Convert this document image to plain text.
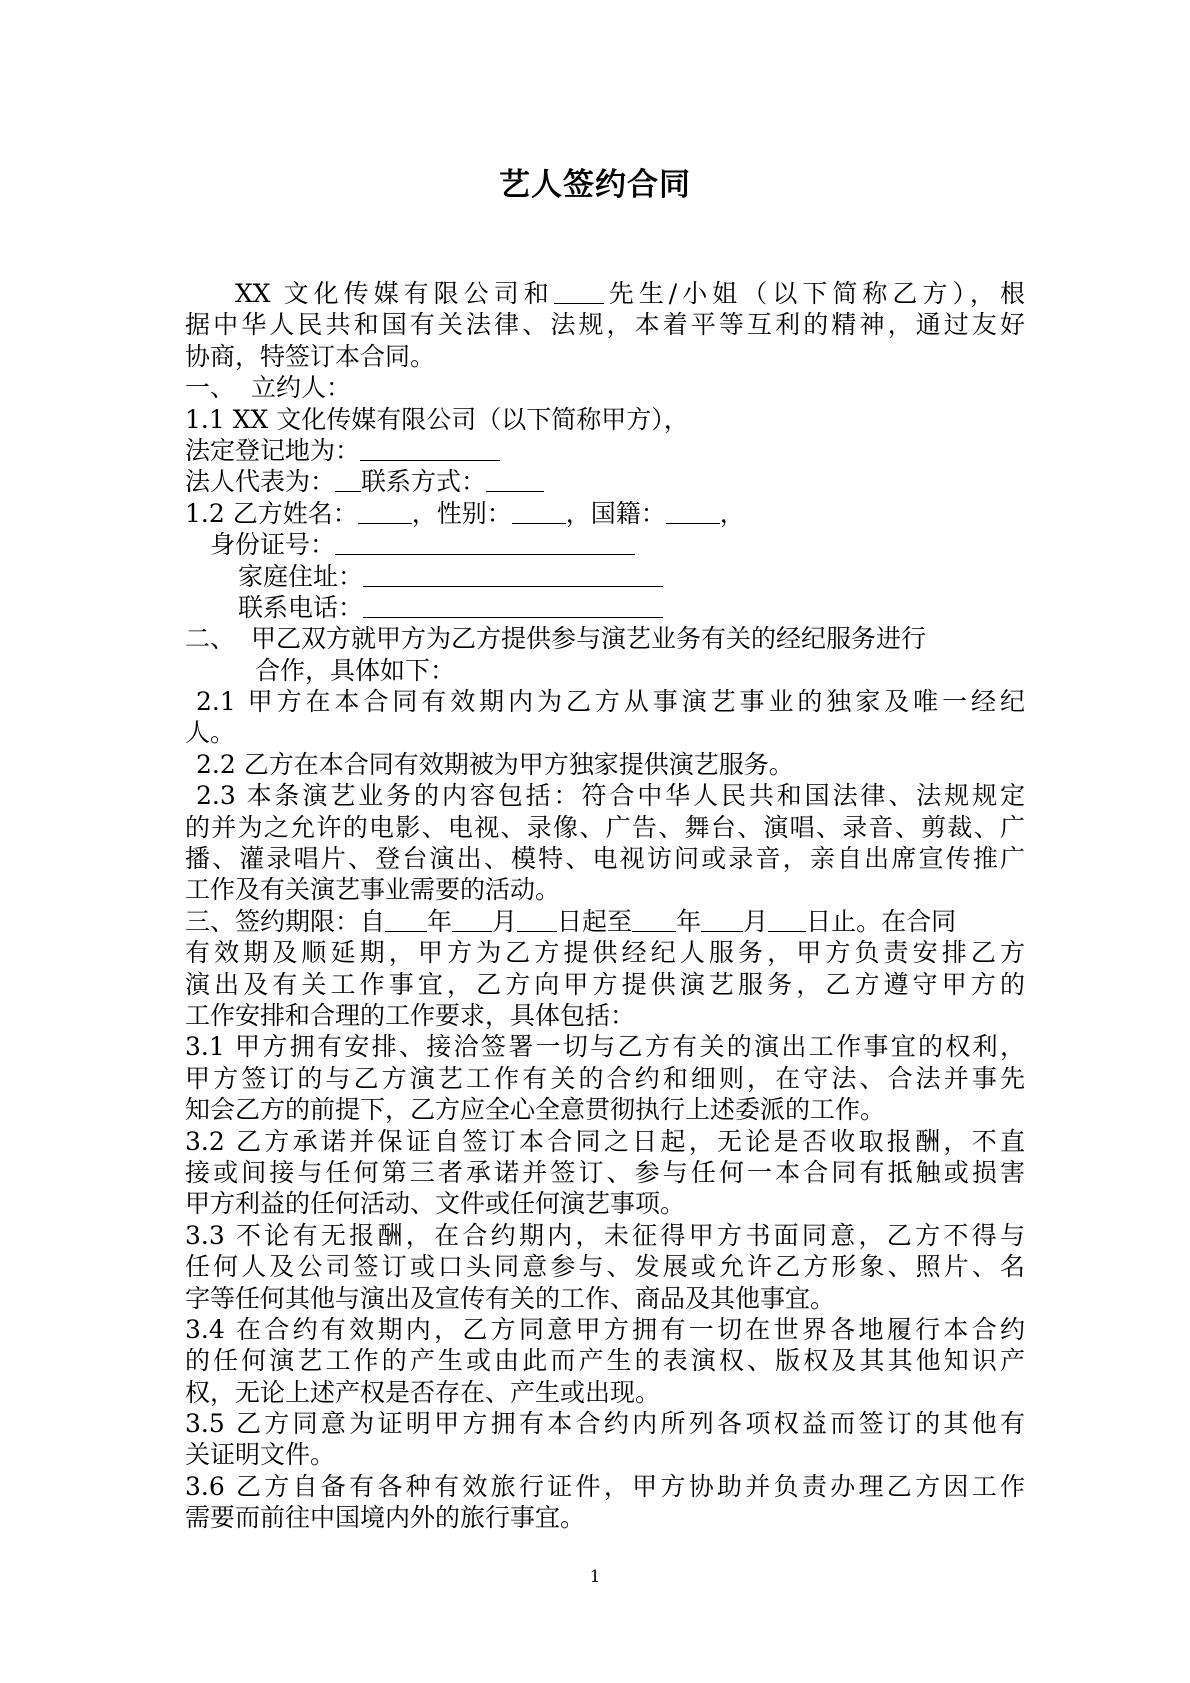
艺人签约合同
XX 文化传媒有限公司和 先生/小姐（以下简称乙方），根
据中华人民共和国有关法律、法规，本着平等互利的精神，通过友好
协商，特签订本合同。
一、 立约人：
1.1 XX 文化传媒有限公司（以下简称甲方），
法定登记地为：
法人代表为： 联系方式：
1.2 乙方姓名： ，性别： ，国籍： ，
身份证号：
家庭住址：
联系电话：
二、 甲乙双方就甲方为乙方提供参与演艺业务有关的经纪服务进行
合作，具体如下：
2.1 甲方在本合同有效期内为乙方从事演艺事业的独家及唯一经纪
人。
2.2 乙方在本合同有效期被为甲方独家提供演艺服务。
2.3 本条演艺业务的内容包括：符合中华人民共和国法律、法规规定
的并为之允许的电影、电视、录像、广告、舞台、演唱、录音、剪裁、广
播、灌录唱片、登台演出、模特、电视访问或录音，亲自出席宣传推广
工作及有关演艺事业需要的活动。
三、签约期限：自 年 月 日起至 年 月 日止。在合同
有效期及顺延期，甲方为乙方提供经纪人服务，甲方负责安排乙方
演出及有关工作事宜，乙方向甲方提供演艺服务，乙方遵守甲方的
工作安排和合理的工作要求，具体包括：
3.1 甲方拥有安排、接洽签署一切与乙方有关的演出工作事宜的权利，
甲方签订的与乙方演艺工作有关的合约和细则，在守法、合法并事先
知会乙方的前提下，乙方应全心全意贯彻执行上述委派的工作。
3.2 乙方承诺并保证自签订本合同之日起，无论是否收取报酬，不直
接或间接与任何第三者承诺并签订、参与任何一本合同有抵触或损害
甲方利益的任何活动、文件或任何演艺事项。
3.3 不论有无报酬，在合约期内，未征得甲方书面同意，乙方不得与
任何人及公司签订或口头同意参与、发展或允许乙方形象、照片、名
字等任何其他与演出及宣传有关的工作、商品及其他事宜。
3.4 在合约有效期内，乙方同意甲方拥有一切在世界各地履行本合约
的任何演艺工作的产生或由此而产生的表演权、版权及其其他知识产
权，无论上述产权是否存在、产生或出现。
3.5 乙方同意为证明甲方拥有本合约内所列各项权益而签订的其他有
关证明文件。
3.6 乙方自备有各种有效旅行证件，甲方协助并负责办理乙方因工作
需要而前往中国境内外的旅行事宜。
1
